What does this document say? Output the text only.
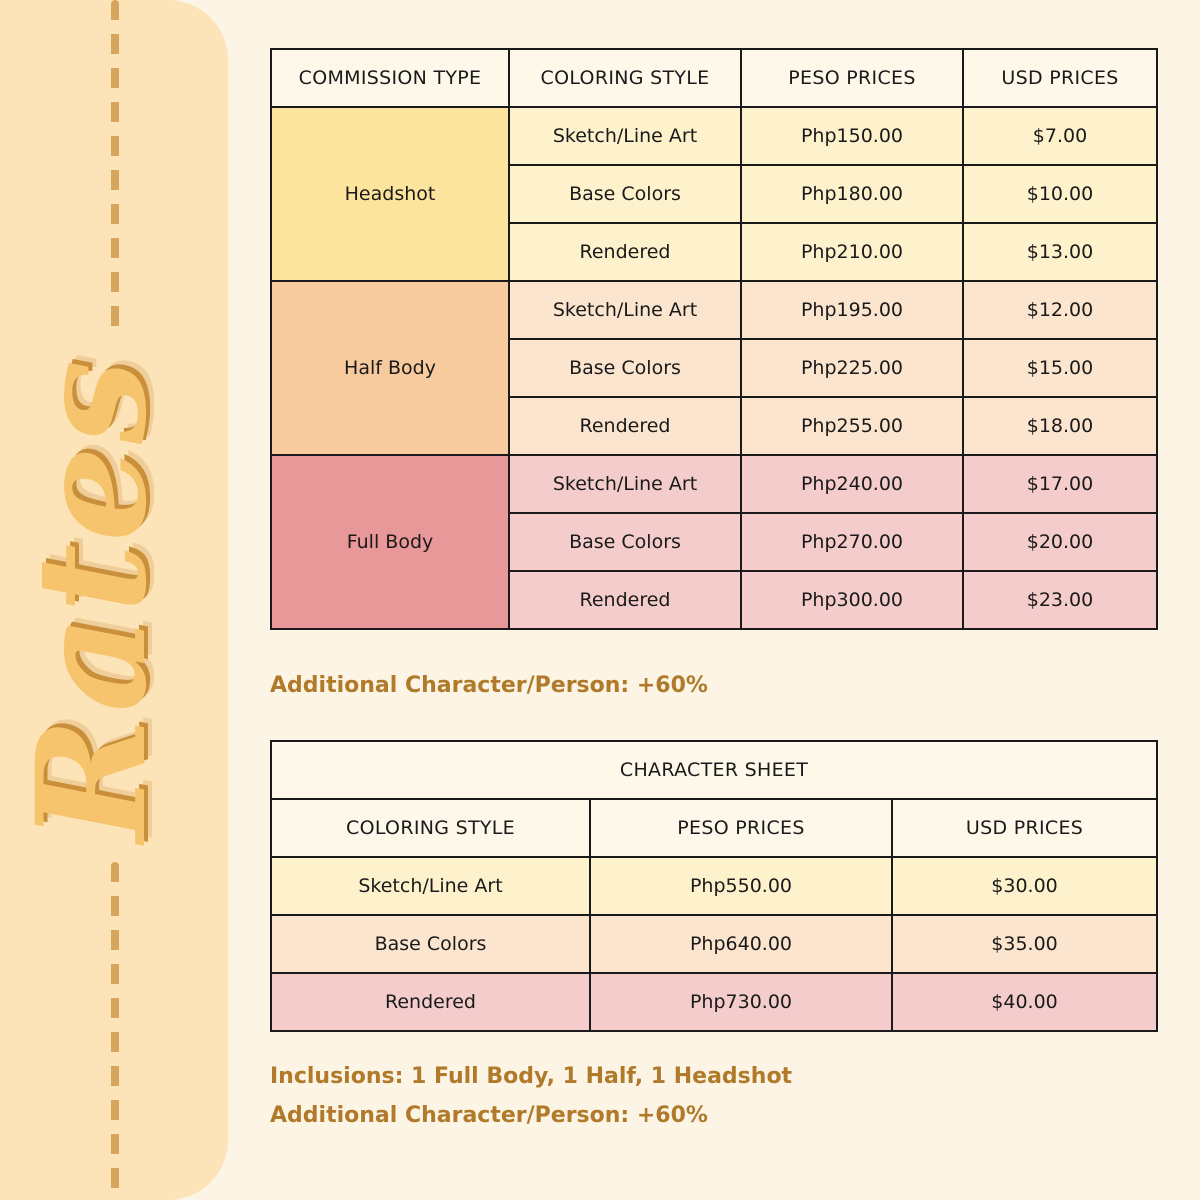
Rates
COMMISSION TYPE	COLORING STYLE	PESO PRICES	USD PRICES
Headshot	Sketch/Line Art	Php150.00	$7.00
	Base Colors	Php180.00	$10.00
	Rendered	Php210.00	$13.00
Half Body	Sketch/Line Art	Php195.00	$12.00
	Base Colors	Php225.00	$15.00
	Rendered	Php255.00	$18.00
Full Body	Sketch/Line Art	Php240.00	$17.00
	Base Colors	Php270.00	$20.00
	Rendered	Php300.00	$23.00

Additional Character/Person: +60%

CHARACTER SHEET		
COLORING STYLE	PESO PRICES	USD PRICES
Sketch/Line Art	Php550.00	$30.00
Base Colors	Php640.00	$35.00
Rendered	Php730.00	$40.00

Inclusions: 1 Full Body, 1 Half, 1 Headshot

Additional Character/Person: +60%
